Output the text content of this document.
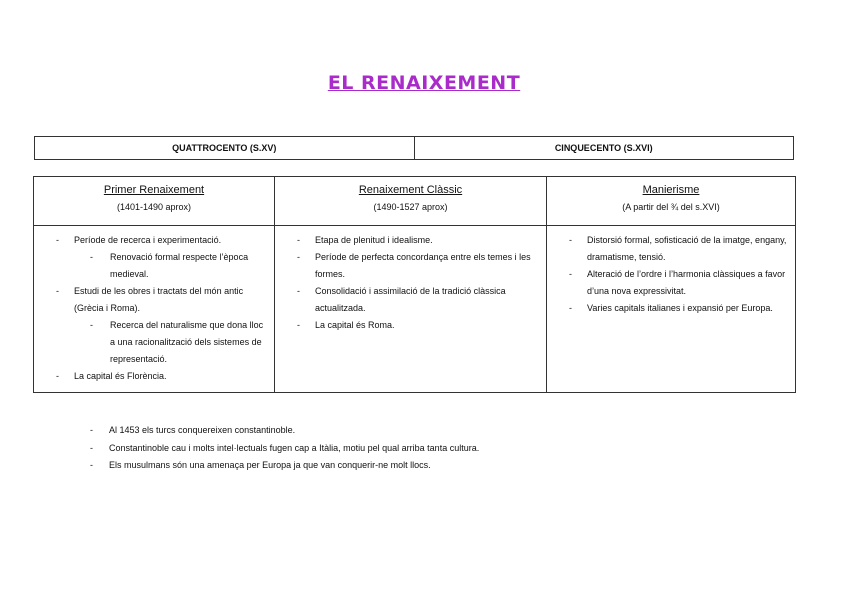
EL RENAIXEMENT
QUATTROCENTO (S.XV)	CINQUECENTO (S.XVI)
Primer Renaixement
(1401-1490 aprox)
- Període de recerca i experimentació.
- Renovació formal respecte l’època medieval.
- Estudi de les obres i tractats del món antic (Grècia i Roma).
- Recerca del naturalisme que dona lloc a una racionalització dels sistemes de representació.
- La capital és Florència.
Renaixement Clàssic
(1490-1527 aprox)
- Etapa de plenitud i idealisme.
- Període de perfecta concordança entre els temes i les formes.
- Consolidació i assimilació de la tradició clàssica actualitzada.
- La capital és Roma.
Manierisme
(A partir del ¾ del s.XVI)
- Distorsió formal, sofisticació de la imatge, engany, dramatisme, tensió.
- Alteració de l’ordre i l’harmonia clàssiques a favor d’una nova expressivitat.
- Varies capitals italianes i expansió per Europa.
- Al 1453 els turcs conquereixen constantinoble.
- Constantinoble cau i molts intel·lectuals fugen cap a Itàlia, motiu pel qual arriba tanta cultura.
- Els musulmans són una amenaça per Europa ja que van conquerir-ne molt llocs.
